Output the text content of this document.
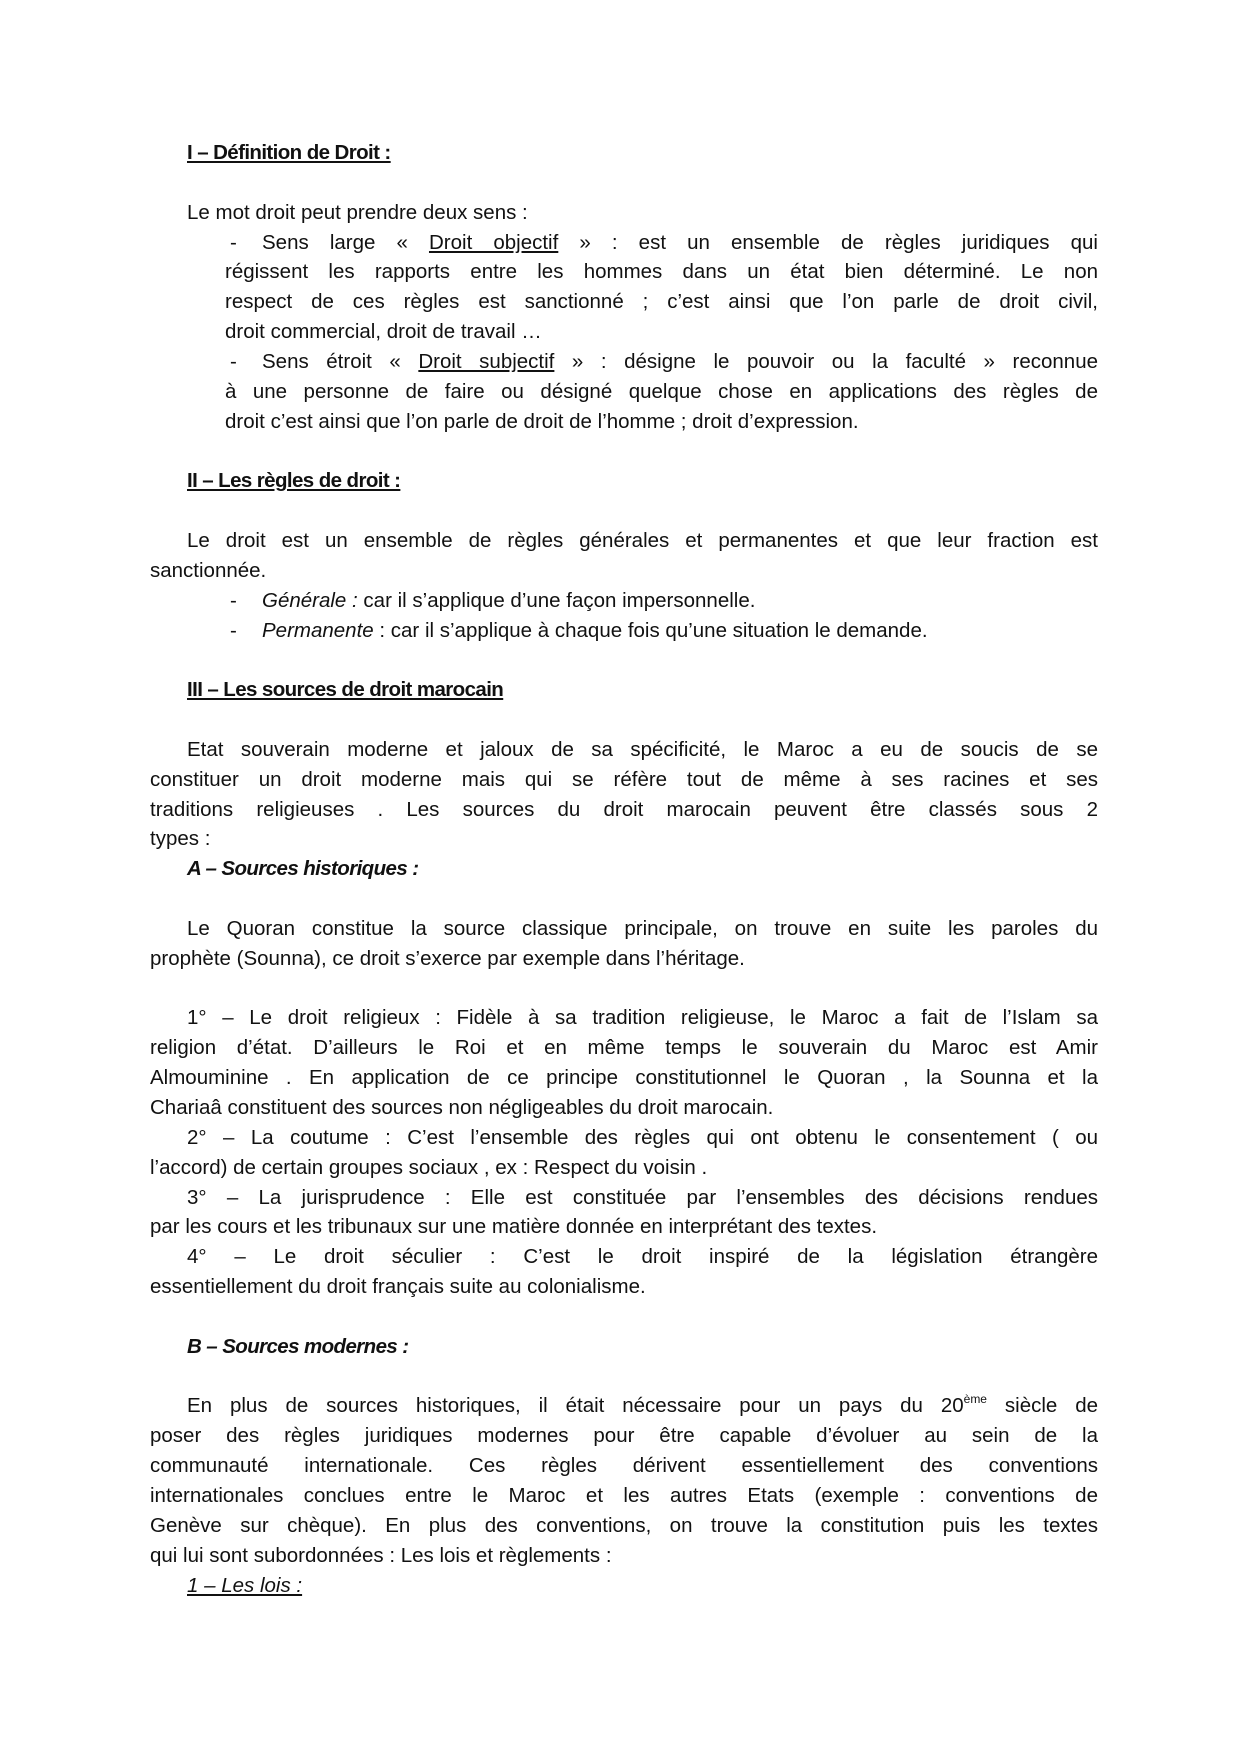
I – Définition de Droit :
Le mot droit peut prendre deux sens :
- Sens large « Droit objectif » : est un ensemble de règles juridiques qui
régissent les rapports entre les hommes dans un état bien déterminé. Le non
respect de ces règles est sanctionné ; c’est ainsi que l’on parle de droit civil,
droit commercial, droit de travail …
- Sens étroit « Droit subjectif » : désigne le pouvoir ou la faculté » reconnue
à une personne de faire ou désigné quelque chose en applications des règles de
droit c’est ainsi que l’on parle de droit de l’homme ; droit d’expression.
II – Les règles de droit :
Le droit est un ensemble de règles générales et permanentes et que leur fraction est
sanctionnée.
- Générale : car il s’applique d’une façon impersonnelle.
- Permanente : car il s’applique à chaque fois qu’une situation le demande.
III – Les sources de droit marocain
Etat souverain moderne et jaloux de sa spécificité, le Maroc a eu de soucis de se
constituer un droit moderne mais qui se réfère tout de même à ses racines et ses
traditions religieuses . Les sources du droit marocain peuvent être classés sous 2
types :
A – Sources historiques :
Le Quoran constitue la source classique principale, on trouve en suite les paroles du
prophète (Sounna), ce droit s’exerce par exemple dans l’héritage.
1° – Le droit religieux : Fidèle à sa tradition religieuse, le Maroc a fait de l’Islam sa
religion d’état. D’ailleurs le Roi et en même temps le souverain du Maroc est Amir
Almouminine . En application de ce principe constitutionnel le Quoran , la Sounna et la
Chariaâ constituent des sources non négligeables du droit marocain.
2° – La coutume : C’est l’ensemble des règles qui ont obtenu le consentement ( ou
l’accord) de certain groupes sociaux , ex : Respect du voisin .
3° – La jurisprudence : Elle est constituée par l’ensembles des décisions rendues
par les cours et les tribunaux sur une matière donnée en interprétant des textes.
4° – Le droit séculier : C’est le droit inspiré de la législation étrangère
essentiellement du droit français suite au colonialisme.
B – Sources modernes :
En plus de sources historiques, il était nécessaire pour un pays du 20ème siècle de
poser des règles juridiques modernes pour être capable d’évoluer au sein de la
communauté internationale. Ces règles dérivent essentiellement des conventions
internationales conclues entre le Maroc et les autres Etats (exemple : conventions de
Genève sur chèque). En plus des conventions, on trouve la constitution puis les textes
qui lui sont subordonnées : Les lois et règlements :
1 – Les lois :
